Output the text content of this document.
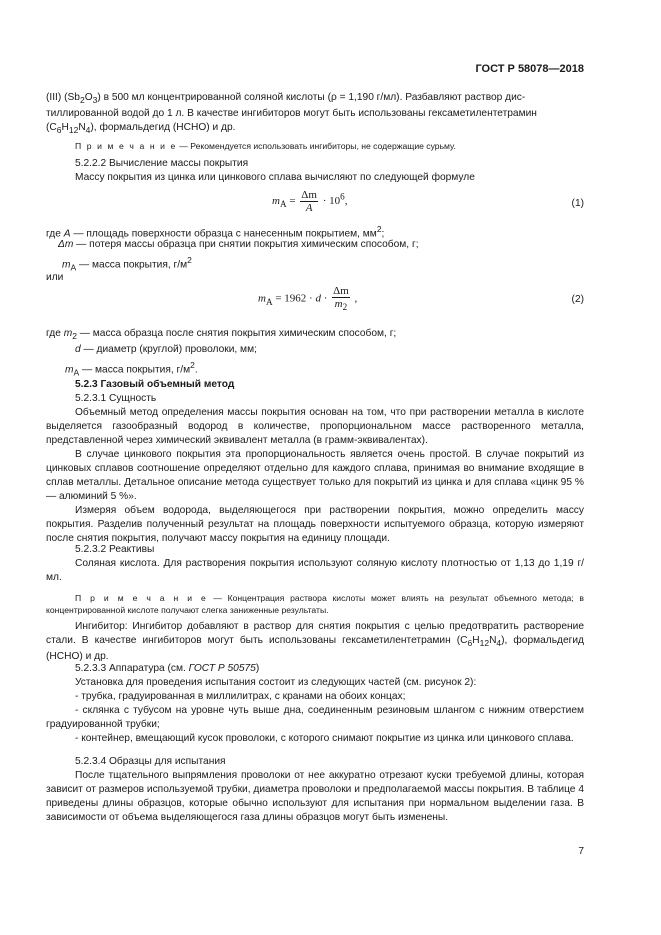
ГОСТ Р 58078—2018
(III) $(Sb_2O_3)$ в 500 мл концентрированной соляной кислоты (ρ = 1,190 г/мл). Разбавляют раствор дис-
тиллированной водой до 1 л. В качестве ингибиторов могут быть использованы гексаметилентетрамин
$(C_6H_{12}N_4)$, формальдегид (HCHO) и др.
П р и м е ч а н и е — Рекомендуется использовать ингибиторы, не содержащие сурьму.
5.2.2.2 Вычисление массы покрытия
Массу покрытия из цинка или цинкового сплава вычисляют по следующей формуле
$m_A = \frac{\Delta m}{A} \cdot 10^6$,	(1)
где A — площадь поверхности образца с нанесенным покрытием, $мм^2$;
Δm — потеря массы образца при снятии покрытия химическим способом, г;
$m_A$ — масса покрытия, $г/м^2$
или
$m_A = 1962 \cdot d \cdot \frac{\Delta m}{m_2}$ ,	(2)
где $m_2$ — масса образца после снятия покрытия химическим способом, г;
d — диаметр (круглой) проволоки, мм;
$m_A$ — масса покрытия, $г/м^2$.
5.2.3 Газовый объемный метод
5.2.3.1 Сущность

Объемный метод определения массы покрытия основан на том, что при растворении металла в кислоте выделяется газообразный водород в количестве, пропорциональном массе растворенного металла, представленной через химический эквивалент металла (в грамм-эквивалентах).

В случае цинкового покрытия эта пропорциональность является очень простой. В случае покрытий из цинковых сплавов соотношение определяют отдельно для каждого сплава, принимая во внимание входящие в сплав металлы. Детальное описание метода существует только для покрытий из цинка и для сплава «цинк 95 % — алюминий 5 %».

Измеряя объем водорода, выделяющегося при растворении покрытия, можно определить массу покрытия. Разделив полученный результат на площадь поверхности испытуемого образца, которую измеряют после снятия покрытия, получают массу покрытия на единицу площади.

5.2.3.2 Реактивы

Соляная кислота. Для растворения покрытия используют соляную кислоту плотностью от 1,13 до 1,19 г/мл.

П р и м е ч а н и е — Концентрация раствора кислоты может влиять на результат объемного метода; в концентрированной кислоте получают слегка заниженные результаты.

Ингибитор: Ингибитор добавляют в раствор для снятия покрытия с целью предотвратить растворение стали. В качестве ингибиторов могут быть использованы гексаметилентетрамин $(C_6H_{12}N_4)$, формальдегид (HCHO) и др.

5.2.3.3 Аппаратура (см. ГОСТ Р 50575)

Установка для проведения испытания состоит из следующих частей (см. рисунок 2):

- трубка, градуированная в миллилитрах, с кранами на обоих концах;

- склянка с тубусом на уровне чуть выше дна, соединенным резиновым шлангом с нижним отверстием градуированной трубки;

- контейнер, вмещающий кусок проволоки, с которого снимают покрытие из цинка или цинкового сплава.

5.2.3.4 Образцы для испытания

После тщательного выпрямления проволоки от нее аккуратно отрезают куски требуемой длины, которая зависит от размеров используемой трубки, диаметра проволоки и предполагаемой массы покрытия. В таблице 4 приведены длины образцов, которые обычно используют для испытания при нормальном выделении газа. В зависимости от объема выделяющегося газа длины образцов могут быть изменены.

7
